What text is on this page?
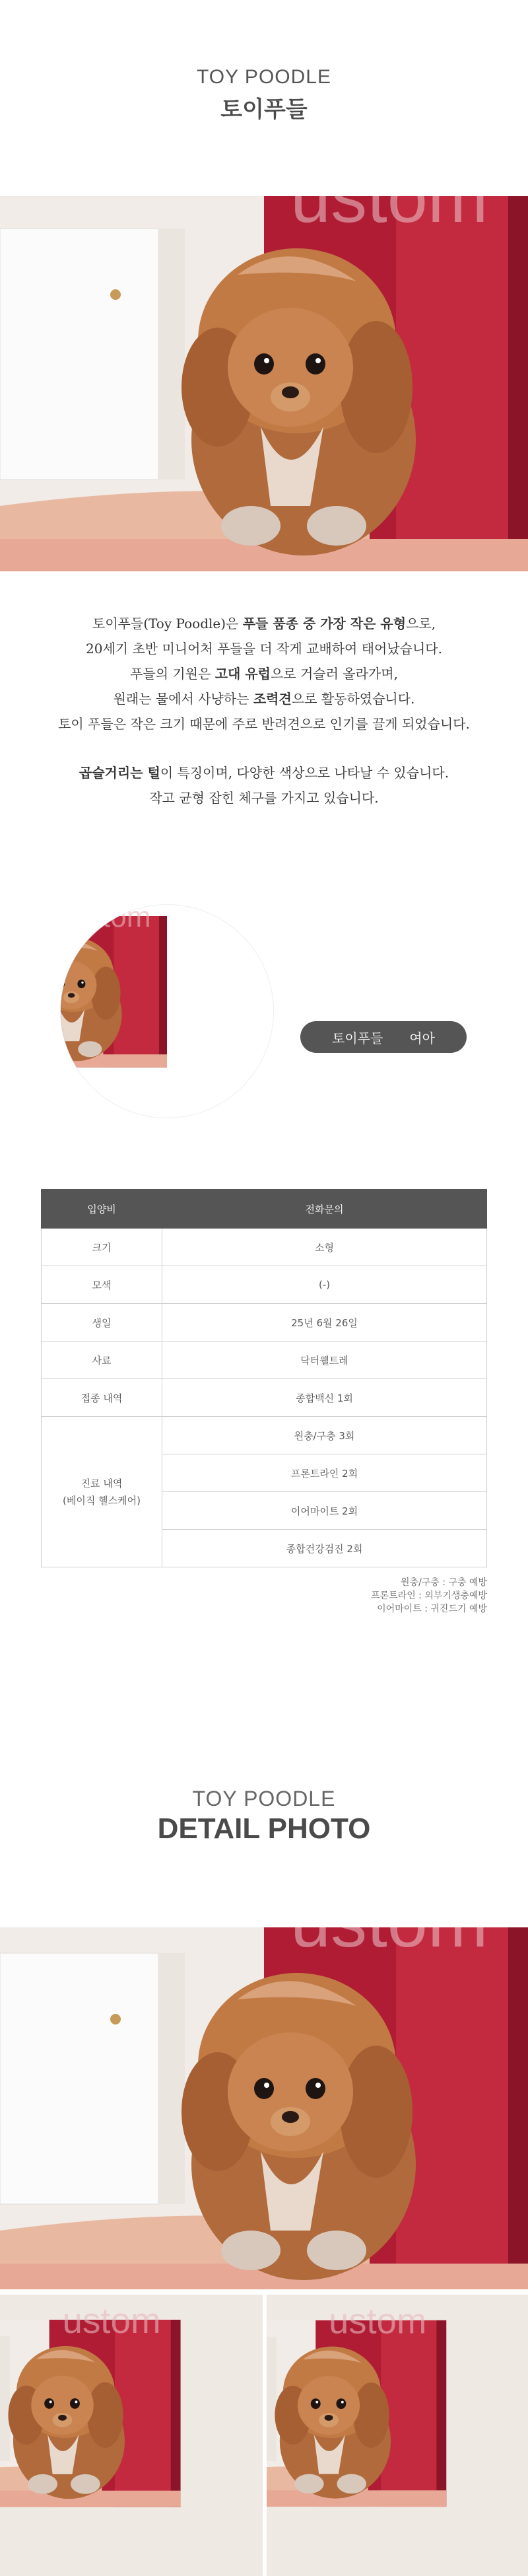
TOY POODLE
토이푸들

토이푸들(Toy Poodle)은 푸들 품종 중 가장 작은 유형으로,

20세기 초반 미니어처 푸들을 더 작게 교배하여 태어났습니다.

푸들의 기원은 고대 유럽으로 거슬러 올라가며,

원래는 물에서 사냥하는 조력견으로 활동하였습니다.

토이 푸들은 작은 크기 때문에 주로 반려견으로 인기를 끌게 되었습니다.

곱슬거리는 털이 특징이며, 다양한 색상으로 나타날 수 있습니다.

작고 균형 잡힌 체구를 가지고 있습니다.

토이푸들 여아
입양비	전화문의
크기	소형
모색	(-)
생일	25년 6월 26일
사료	닥터웰트레
접종 내역	종합백신 1회

진료 내역
(베이직 헬스케어)	원충/구충 3회
	프론트라인 2회
	이어마이트 2회
	종합건강검진 2회
원충/구충 : 구충 예방
프론트라인 : 외부기생충예방
이어마이트 : 귀진드기 예방
TOY POODLE
DETAIL PHOTO
